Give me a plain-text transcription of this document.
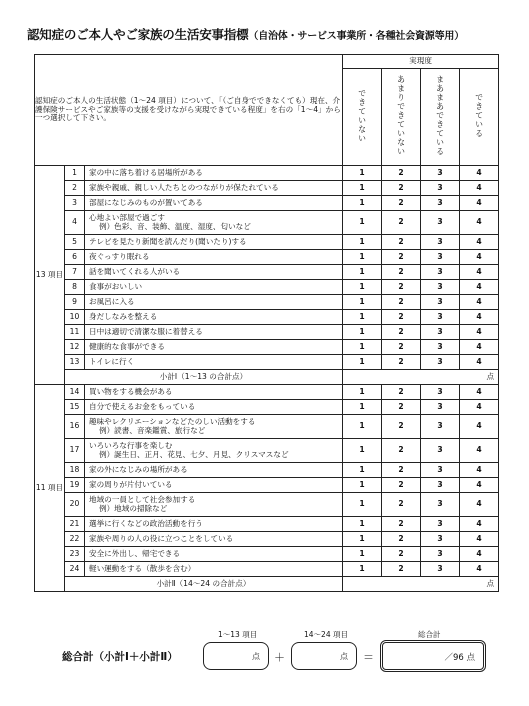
認知症のご本人やご家族の生活安事指標（自治体・サービス事業所・各種社会資源等用）
認知症のご本人の生活状態（1〜24 項目）について、「（ご自身でできなくても）現在、介護保険サービスやご家族等の支援を受けながら実現できている程度」を右の「1〜4」から一つ選択して下さい。			実現度			
			できていない	あまりできていない	まあまあできている	できている
13 項目	1	家の中に落ち着ける居場所がある	1	2	3	4
	2	家族や親戚、親しい人たちとのつながりが保たれている	1	2	3	4
	3	部屋になじみのものが置いてある	1	2	3	4
	4	心地よい部屋で過ごす
例）色彩、音、装飾、温度、湿度、匂いなど	1	2	3	4
	5	テレビを見たり新聞を読んだり(聞いたり)する	1	2	3	4
	6	夜ぐっすり眠れる	1	2	3	4
	7	話を聞いてくれる人がいる	1	2	3	4
	8	食事がおいしい	1	2	3	4
	9	お風呂に入る	1	2	3	4
	10	身だしなみを整える	1	2	3	4
	11	日中は適切で清潔な服に着替える	1	2	3	4
	12	健康的な食事ができる	1	2	3	4
	13	トイレに行く	1	2	3	4
	小計Ⅰ（1〜13 の合計点）		点			
11 項目	14	買い物をする機会がある	1	2	3	4
	15	自分で使えるお金をもっている	1	2	3	4
	16	趣味やレクリエーションなどたのしい活動をする
例）読書、音楽鑑賞、旅行など	1	2	3	4
	17	いろいろな行事を楽しむ
例）誕生日、正月、花見、七夕、月見、クリスマスなど	1	2	3	4
	18	家の外になじみの場所がある	1	2	3	4
	19	家の周りが片付いている	1	2	3	4
	20	地域の一員として社会参加する
例）地域の掃除など	1	2	3	4
	21	選挙に行くなどの政治活動を行う	1	2	3	4
	22	家族や周りの人の役に立つことをしている	1	2	3	4
	23	安全に外出し、帰宅できる	1	2	3	4
	24	軽い運動をする（散歩を含む）	1	2	3	4
	小計Ⅱ（14〜24 の合計点）		点			
総合計（小計Ⅰ＋小計Ⅱ）
1〜13 項目
点 ＋
14〜24 項目
点 ＝
総合計
／96 点
